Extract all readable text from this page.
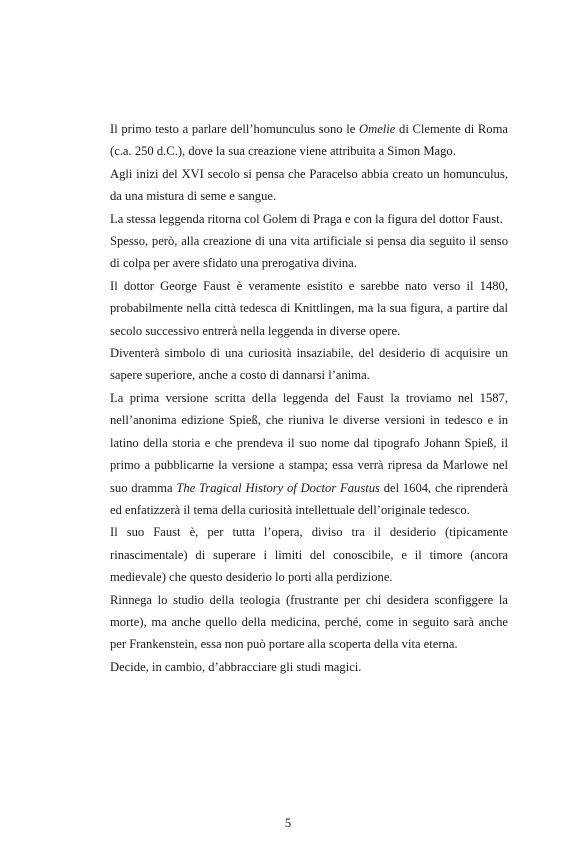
Il primo testo a parlare dell’homunculus sono le Omelie di Clemente di Roma (c.a. 250 d.C.), dove la sua creazione viene attribuita a Simon Mago.

Agli inizi del XVI secolo si pensa che Paracelso abbia creato un homunculus, da una mistura di seme e sangue.

La stessa leggenda ritorna col Golem di Praga e con la figura del dottor Faust.

Spesso, però, alla creazione di una vita artificiale si pensa dia seguito il senso di colpa per avere sfidato una prerogativa divina.

Il dottor George Faust è veramente esistito e sarebbe nato verso il 1480, probabilmente nella città tedesca di Knittlingen, ma la sua figura, a partire dal secolo successivo entrerà nella leggenda in diverse opere.

Diventerà simbolo di una curiosità insaziabile, del desiderio di acquisire un sapere superiore, anche a costo di dannarsi l’anima.

La prima versione scritta della leggenda del Faust la troviamo nel 1587, nell’anonima edizione Spieß, che riuniva le diverse versioni in tedesco e in latino della storia e che prendeva il suo nome dal tipografo Johann Spieß, il primo a pubblicarne la versione a stampa; essa verrà ripresa da Marlowe nel suo dramma The Tragical History of Doctor Faustus del 1604, che riprenderà ed enfatizzerà il tema della curiosità intellettuale dell’originale tedesco.

Il suo Faust è, per tutta l’opera, diviso tra il desiderio (tipicamente rinascimentale) di superare i limiti del conoscibile, e il timore (ancora medievale) che questo desiderio lo porti alla perdizione.

Rinnega lo studio della teologia (frustrante per chi desidera sconfiggere la morte), ma anche quello della medicina, perché, come in seguito sarà anche per Frankenstein, essa non può portare alla scoperta della vita eterna.

Decide, in cambio, d’abbracciare gli studi magici.

5
